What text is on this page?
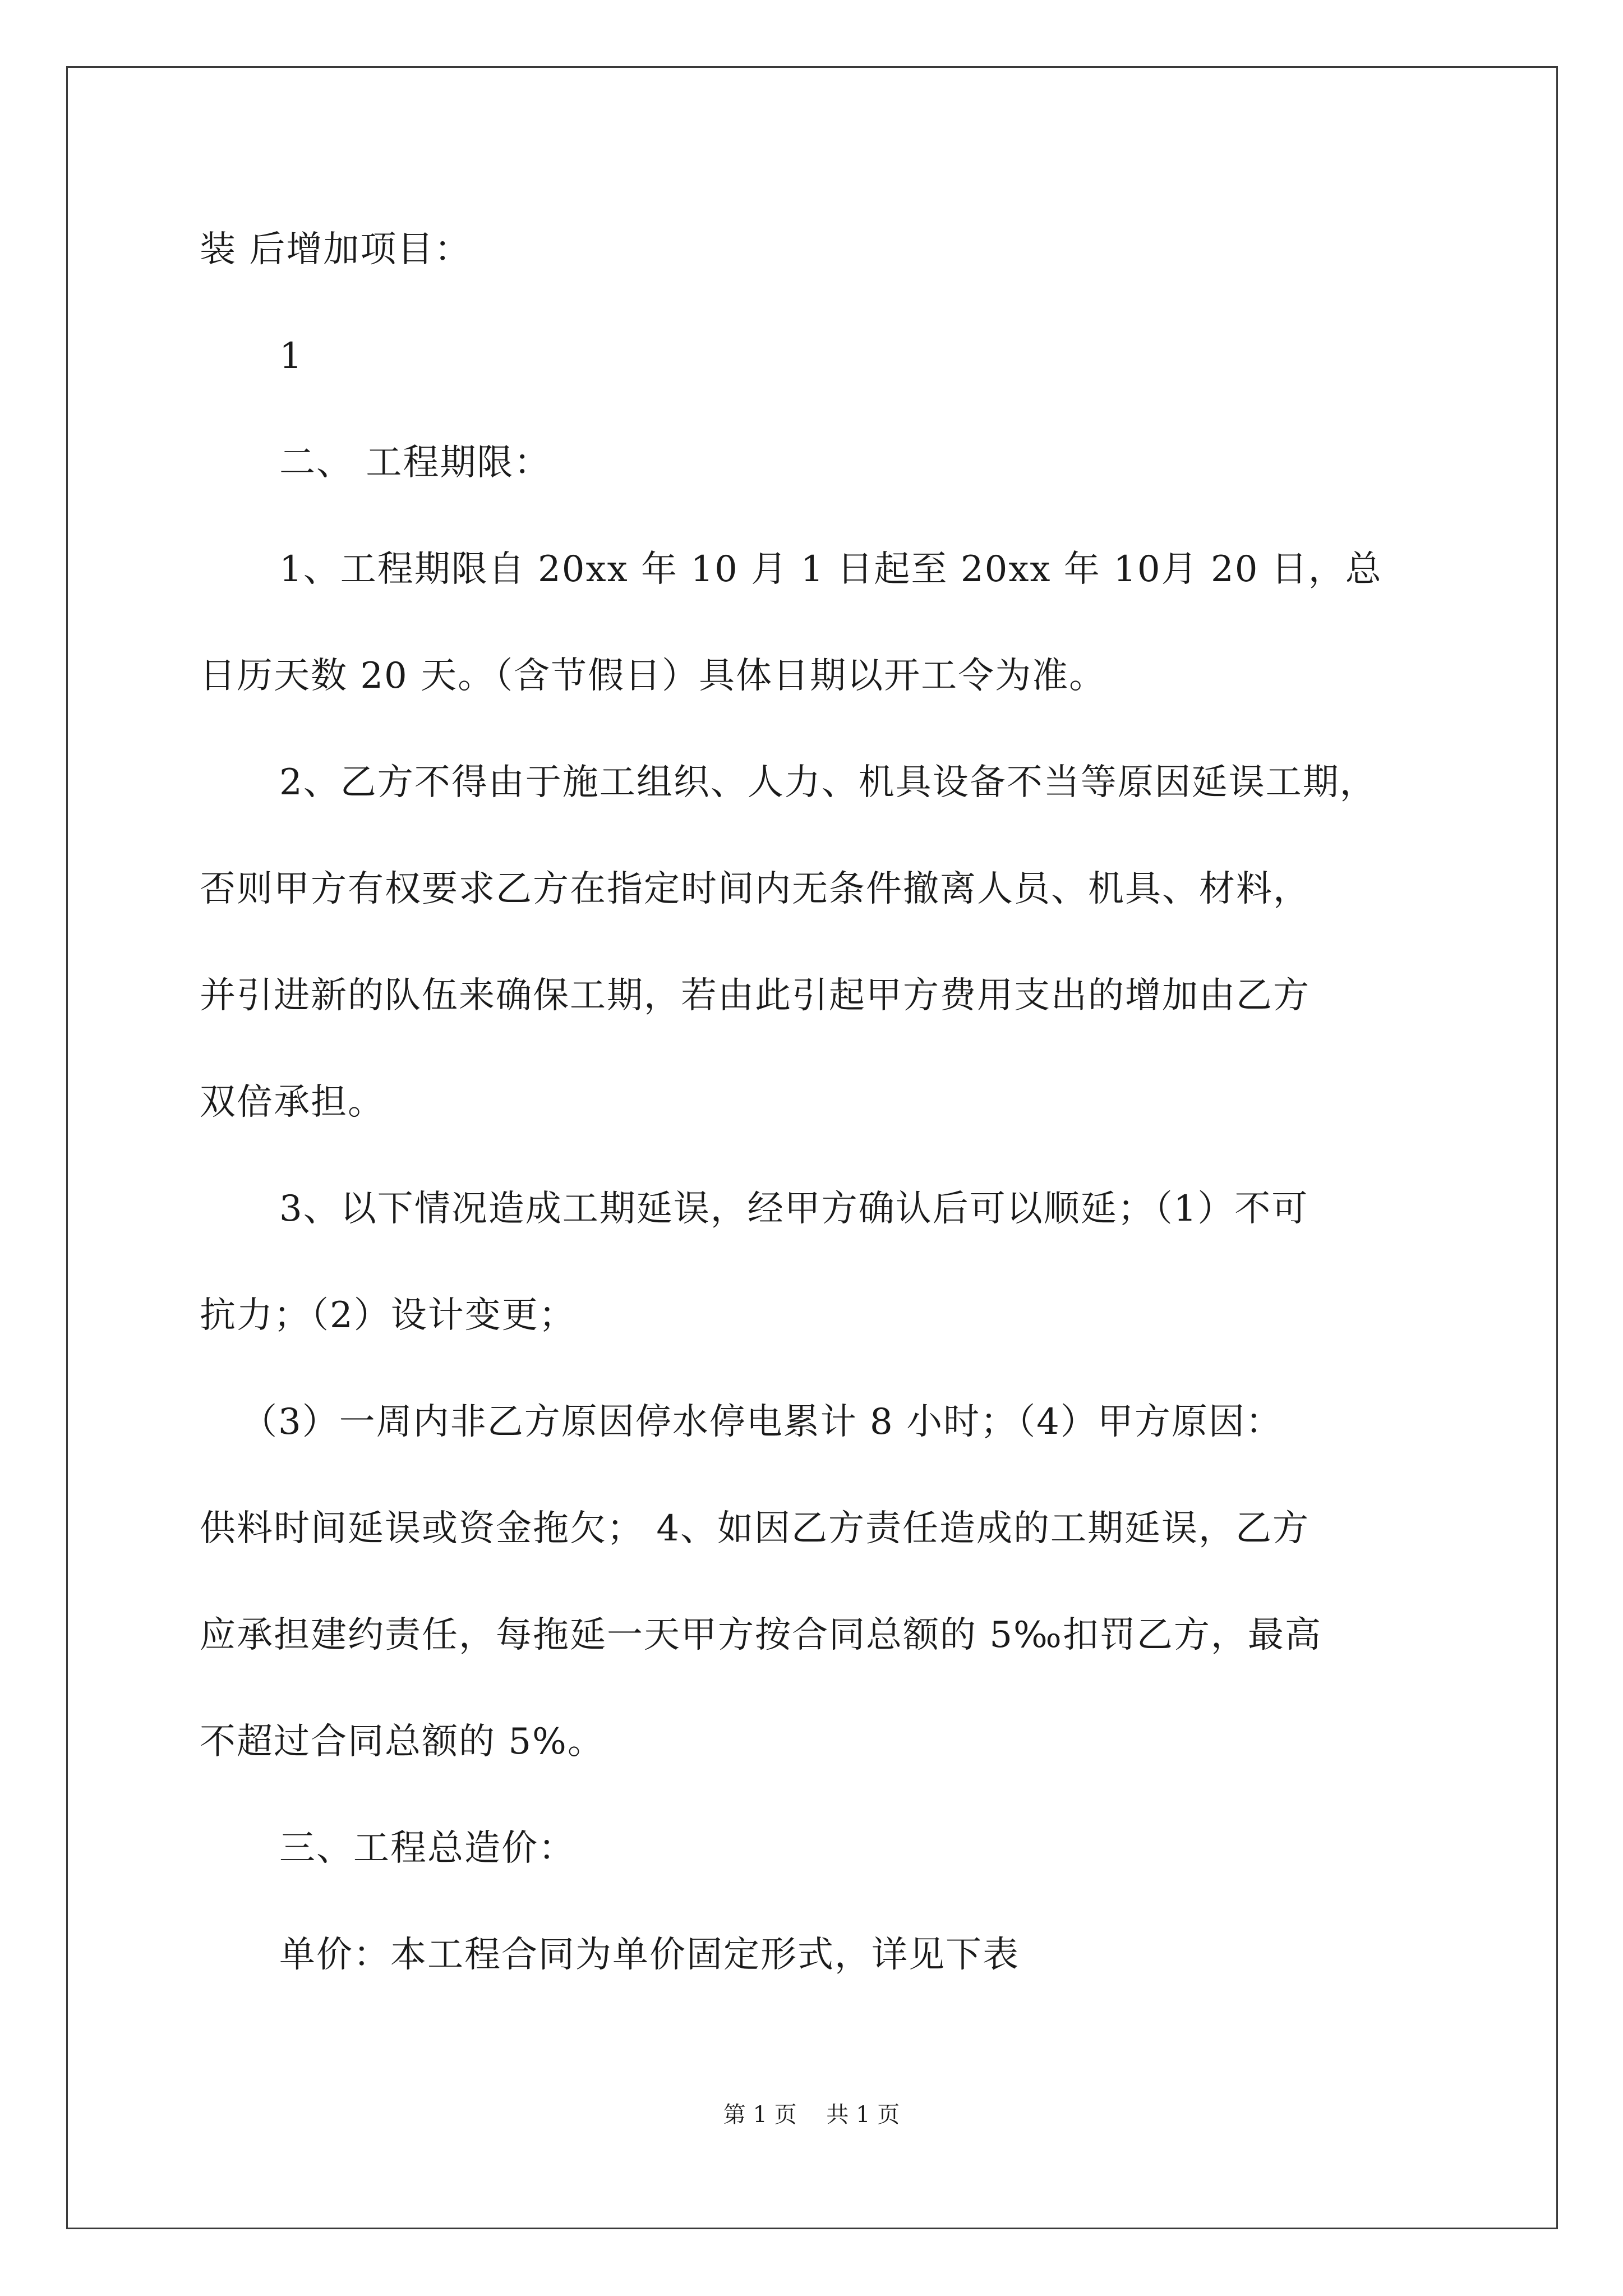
装 后增加项目：
1
二、 工程期限：
1、工程期限自 20xx 年 10 月 1 日起至 20xx 年 10月 20 日，总
日历天数 20 天。（含节假日）具体日期以开工令为准。
2、乙方不得由于施工组织、人力、机具设备不当等原因延误工期，
否则甲方有权要求乙方在指定时间内无条件撤离人员、机具、材料，
并引进新的队伍来确保工期，若由此引起甲方费用支出的增加由乙方
双倍承担。
3、以下情况造成工期延误，经甲方确认后可以顺延；（1）不可
抗力；（2）设计变更；
（3）一周内非乙方原因停水停电累计 8 小时；（4）甲方原因：
供料时间延误或资金拖欠； 4、如因乙方责任造成的工期延误，乙方
应承担建约责任，每拖延一天甲方按合同总额的 5‰扣罚乙方，最高
不超过合同总额的 5%。
三、工程总造价：
单价：本工程合同为单价固定形式，详见下表
第 1 页 共 1 页
